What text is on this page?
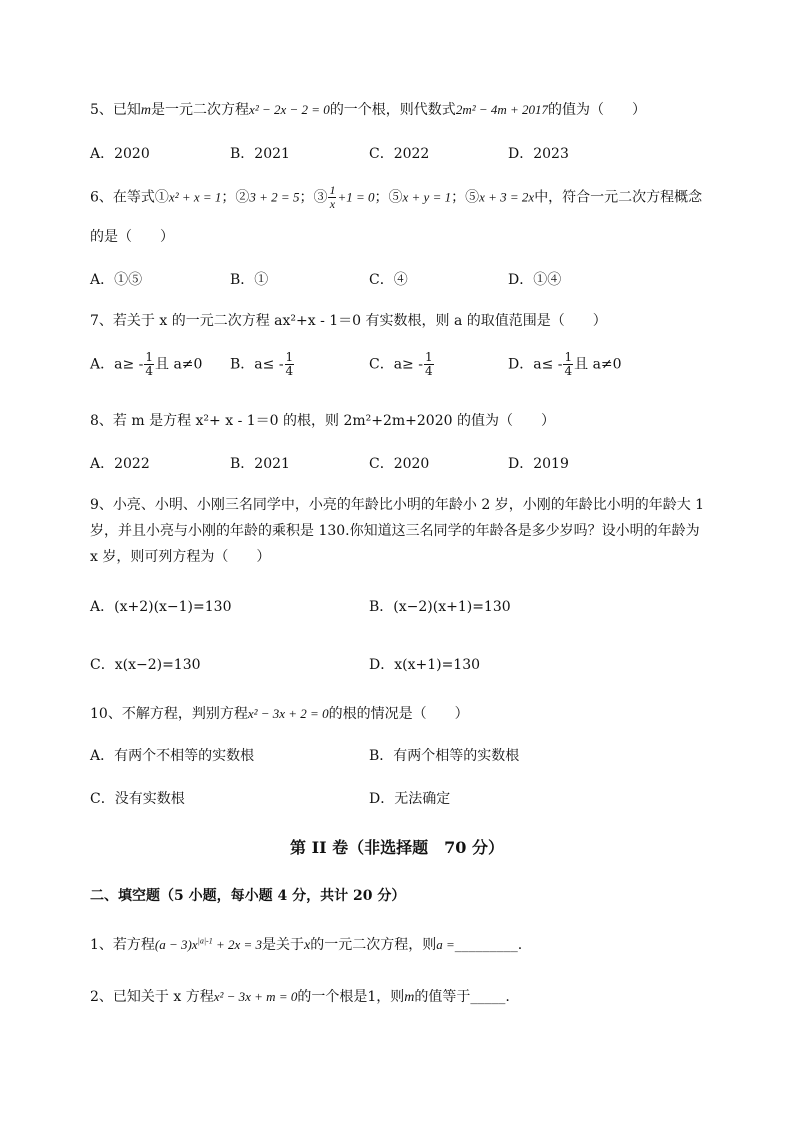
5、已知m是一元二次方程x² − 2x − 2 = 0的一个根，则代数式2m² − 4m + 2017的值为（　　）
A．2020	B．2021	C．2022	D．2023
6、在等式①x² + x = 1；②3 + 2 = 5；③ $\frac{1}{x} +1 = 0$；⑤x + y = 1；⑤x + 3 = 2x中，符合一元二次方程概念
的是（　　）
A．①⑤	B．①	C．④	D．①④
7、若关于 x 的一元二次方程 ax²+x - 1＝0 有实数根，则 a 的取值范围是（　　）
A．$a\ge - \frac{1}{4}$ 且 a≠0 B．$a\le - \frac{1}{4}$	C．$a\ge - \frac{1}{4}$	D．$a\le - \frac{1}{4}$ 且 a≠0
8、若 m 是方程 x²+ x - 1＝0 的根，则 2m²+2m+2020 的值为（　　）
A．2022	B．2021	C．2020	D．2019
9、小亮、小明、小刚三名同学中，小亮的年龄比小明的年龄小 2 岁，小刚的年龄比小明的年龄大 1
岁，并且小亮与小刚的年龄的乘积是 130.你知道这三名同学的年龄各是多少岁吗？设小明的年龄为
x 岁，则可列方程为（　　）
A．(x+2)(x−1)=130	B．(x−2)(x+1)=130
C．x(x−2)=130	D．x(x+1)=130
10、不解方程，判别方程x² − 3x + 2 = 0的根的情况是（　　）
A．有两个不相等的实数根	B．有两个相等的实数根
C．没有实数根	D．无法确定
第 II 卷（非选择题　70 分）
二、填空题（5 小题，每小题 4 分，共计 20 分）
1、若方程$(a - 3)x^{|a|-1} + 2x = 3$是关于x的一元二次方程，则a =_________.
2、已知关于 x 方程x² − 3x + m = 0的一个根是1，则m的值等于_____.
